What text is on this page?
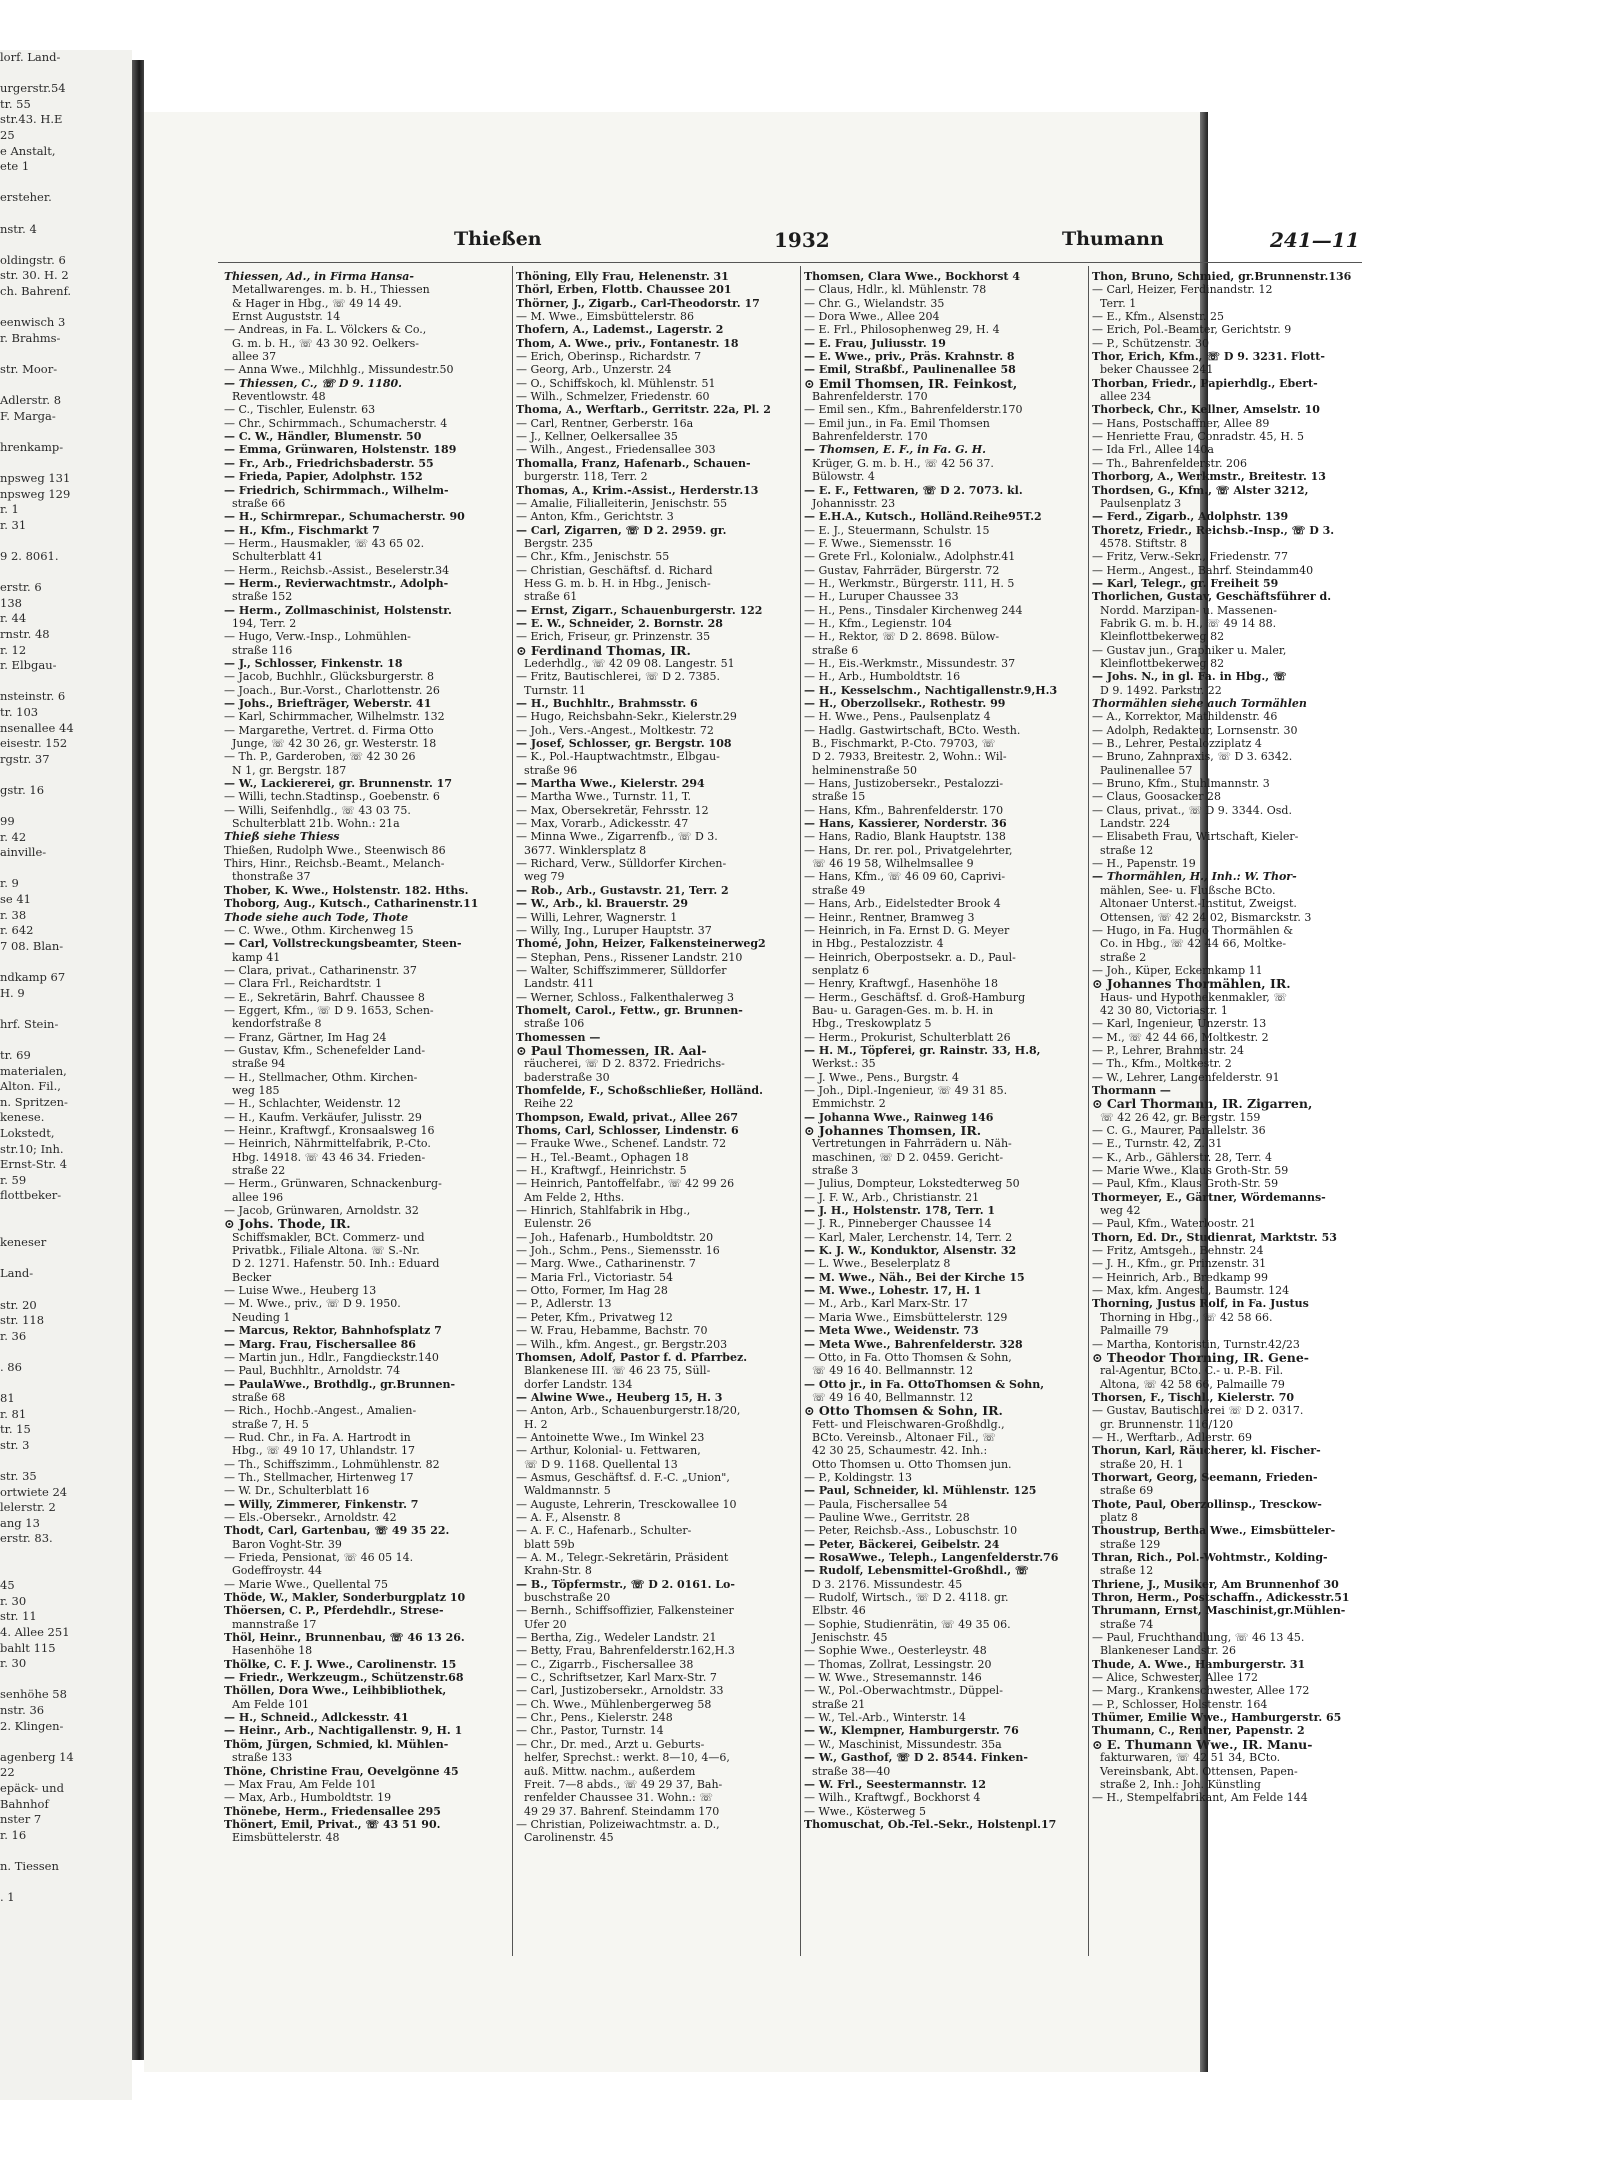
lorf. Land-

urgerstr.54
tr. 55
str.43. H.E
25
e Anstalt,
ete 1

ersteher.

nstr. 4

oldingstr. 6
str. 30. H. 2
ch. Bahrenf.

eenwisch 3
r. Brahms-

str. Moor-

Adlerstr. 8
F. Marga-

hrenkamp-

npsweg 131
npsweg 129
r. 1
r. 31

9 2. 8061.

erstr. 6
138
r. 44
rnstr. 48
r. 12
r. Elbgau-

nsteinstr. 6
tr. 103
nsenallee 44
eisestr. 152
rgstr. 37

gstr. 16

99
r. 42
ainville-

r. 9
se 41
r. 38
r. 642
7 08. Blan-

ndkamp 67
H. 9

hrf. Stein-

tr. 69
materialen,
Alton. Fil.,
n. Spritzen-
kenese.
Lokstedt,
str.10; Inh.
Ernst-Str. 4
r. 59
flottbeker-

keneser

Land-

str. 20
str. 118
r. 36

. 86

81
r. 81
tr. 15
str. 3

str. 35
ortwiete 24
lelerstr. 2
ang 13
erstr. 83.

45
r. 30
str. 11
4. Allee 251
bahlt 115
r. 30

senhöhe 58
nstr. 36
2. Klingen-

agenberg 14
22
epäck- und
Bahnhof
nster 7
r. 16

n. Tiessen

. 1
Thießen	1932	Thumann	241—11
Thiessen, Ad., in Firma Hansa-
Metallwarenges. m. b. H., Thiessen
& Hager in Hbg., ☏ 49 14 49.
Ernst Auguststr. 14
— Andreas, in Fa. L. Völckers & Co.,
G. m. b. H., ☏ 43 30 92. Oelkers-
allee 37
— Anna Wwe., Milchhlg., Missundestr.50
— Thiessen, C., ☏ D 9. 1180.
Reventlowstr. 48
— C., Tischler, Eulenstr. 63
— Chr., Schirmmach., Schumacherstr. 4
— C. W., Händler, Blumenstr. 50
— Emma, Grünwaren, Holstenstr. 189
— Fr., Arb., Friedrichsbaderstr. 55
— Frieda, Papier, Adolphstr. 152
— Friedrich, Schirmmach., Wilhelm-
straße 66
— H., Schirmrepar., Schumacherstr. 90
— H., Kfm., Fischmarkt 7
— Herm., Hausmakler, ☏ 43 65 02.
Schulterblatt 41
— Herm., Reichsb.-Assist., Beselerstr.34
— Herm., Revierwachtmstr., Adolph-
straße 152
— Herm., Zollmaschinist, Holstenstr.
194, Terr. 2
— Hugo, Verw.-Insp., Lohmühlen-
straße 116
— J., Schlosser, Finkenstr. 18
— Jacob, Buchhlr., Glücksburgerstr. 8
— Joach., Bur.-Vorst., Charlottenstr. 26
— Johs., Briefträger, Weberstr. 41
— Karl, Schirmmacher, Wilhelmstr. 132
— Margarethe, Vertret. d. Firma Otto
Junge, ☏ 42 30 26, gr. Westerstr. 18
— Th. P., Garderoben, ☏ 42 30 26
N 1, gr. Bergstr. 187
— W., Lackiererei, gr. Brunnenstr. 17
— Willi, techn.Stadtinsp., Goebenstr. 6
— Willi, Seifenhdlg., ☏ 43 03 75.
Schulterblatt 21b. Wohn.: 21a
Thieß siehe Thiess
Thießen, Rudolph Wwe., Steenwisch 86
Thirs, Hinr., Reichsb.-Beamt., Melanch-
thonstraße 37
Thober, K. Wwe., Holstenstr. 182. Hths.
Thoborg, Aug., Kutsch., Catharinenstr.11
Thode siehe auch Tode, Thote
— C. Wwe., Othm. Kirchenweg 15
— Carl, Vollstreckungsbeamter, Steen-
kamp 41
— Clara, privat., Catharinenstr. 37
— Clara Frl., Reichardtstr. 1
— E., Sekretärin, Bahrf. Chaussee 8
— Eggert, Kfm., ☏ D 9. 1653, Schen-
kendorfstraße 8
— Franz, Gärtner, Im Hag 24
— Gustav, Kfm., Schenefelder Land-
straße 94
— H., Stellmacher, Othm. Kirchen-
weg 185
— H., Schlachter, Weidenstr. 12
— H., Kaufm. Verkäufer, Julisstr. 29
— Heinr., Kraftwgf., Kronsaalsweg 16
— Heinrich, Nährmittelfabrik, P.-Cto.
Hbg. 14918. ☏ 43 46 34. Frieden-
straße 22
— Herm., Grünwaren, Schnackenburg-
allee 196
— Jacob, Grünwaren, Arnoldstr. 32
⊙ Johs. Thode, IR.
Schiffsmakler, BCt. Commerz- und
Privatbk., Filiale Altona. ☏ S.-Nr.
D 2. 1271. Hafenstr. 50. Inh.: Eduard
Becker
— Luise Wwe., Heuberg 13
— M. Wwe., priv., ☏ D 9. 1950.
Neuding 1
— Marcus, Rektor, Bahnhofsplatz 7
— Marg. Frau, Fischersallee 86
— Martin jun., Hdlr., Fangdieckstr.140
— Paul, Buchhltr., Arnoldstr. 74
— PaulaWwe., Brothdlg., gr.Brunnen-
straße 68
— Rich., Hochb.-Angest., Amalien-
straße 7, H. 5
— Rud. Chr., in Fa. A. Hartrodt in
Hbg., ☏ 49 10 17, Uhlandstr. 17
— Th., Schiffszimm., Lohmühlenstr. 82
— Th., Stellmacher, Hirtenweg 17
— W. Dr., Schulterblatt 16
— Willy, Zimmerer, Finkenstr. 7
— Els.-Obersekr., Arnoldstr. 42
Thodt, Carl, Gartenbau, ☏ 49 35 22.
Baron Voght-Str. 39
— Frieda, Pensionat, ☏ 46 05 14.
Godeffroystr. 44
— Marie Wwe., Quellental 75
Thöde, W., Makler, Sonderburgplatz 10
Thöersen, C. P., Pferdehdlr., Strese-
mannstraße 17
Thöl, Heinr., Brunnenbau, ☏ 46 13 26.
Hasenhöhe 18
Thölke, C. F. J. Wwe., Carolinenstr. 15
— Friedr., Werkzeugm., Schützenstr.68
Thöllen, Dora Wwe., Leihbibliothek,
Am Felde 101
— H., Schneid., Adlckesstr. 41
— Heinr., Arb., Nachtigallenstr. 9, H. 1
Thöm, Jürgen, Schmied, kl. Mühlen-
straße 133
Thöne, Christine Frau, Oevelgönne 45
— Max Frau, Am Felde 101
— Max, Arb., Humboldtstr. 19
Thönebe, Herm., Friedensallee 295
Thönert, Emil, Privat., ☏ 43 51 90.
Eimsbüttelerstr. 48
Thöning, Elly Frau, Helenenstr. 31
Thörl, Erben, Flottb. Chaussee 201
Thörner, J., Zigarb., Carl-Theodorstr. 17
— M. Wwe., Eimsbüttelerstr. 86
Thofern, A., Lademst., Lagerstr. 2
Thom, A. Wwe., priv., Fontanestr. 18
— Erich, Oberinsp., Richardstr. 7
— Georg, Arb., Unzerstr. 24
— O., Schiffskoch, kl. Mühlenstr. 51
— Wilh., Schmelzer, Friedenstr. 60
Thoma, A., Werftarb., Gerritstr. 22a, Pl. 2
— Carl, Rentner, Gerberstr. 16a
— J., Kellner, Oelkersallee 35
— Wilh., Angest., Friedensallee 303
Thomalla, Franz, Hafenarb., Schauen-
burgerstr. 118, Terr. 2
Thomas, A., Krim.-Assist., Herderstr.13
— Amalie, Filialleiterin, Jenischstr. 55
— Anton, Kfm., Gerichtstr. 3
— Carl, Zigarren, ☏ D 2. 2959. gr.
Bergstr. 235
— Chr., Kfm., Jenischstr. 55
— Christian, Geschäftsf. d. Richard
Hess G. m. b. H. in Hbg., Jenisch-
straße 61
— Ernst, Zigarr., Schauenburgerstr. 122
— E. W., Schneider, 2. Bornstr. 28
— Erich, Friseur, gr. Prinzenstr. 35
⊙ Ferdinand Thomas, IR.
Lederhdlg., ☏ 42 09 08. Langestr. 51
— Fritz, Bautischlerei, ☏ D 2. 7385.
Turnstr. 11
— H., Buchhltr., Brahmsstr. 6
— Hugo, Reichsbahn-Sekr., Kielerstr.29
— Joh., Vers.-Angest., Moltkestr. 72
— Josef, Schlosser, gr. Bergstr. 108
— K., Pol.-Hauptwachtmstr., Elbgau-
straße 96
— Martha Wwe., Kielerstr. 294
— Martha Wwe., Turnstr. 11, T.
— Max, Obersekretär, Fehrsstr. 12
— Max, Vorarb., Adickesstr. 47
— Minna Wwe., Zigarrenfb., ☏ D 3.
3677. Winklersplatz 8
— Richard, Verw., Sülldorfer Kirchen-
weg 79
— Rob., Arb., Gustavstr. 21, Terr. 2
— W., Arb., kl. Brauerstr. 29
— Willi, Lehrer, Wagnerstr. 1
— Willy, Ing., Luruper Hauptstr. 37
Thomé, John, Heizer, Falkensteinerweg2
— Stephan, Pens., Rissener Landstr. 210
— Walter, Schiffszimmerer, Sülldorfer
Landstr. 411
— Werner, Schloss., Falkenthalerweg 3
Thomelt, Carol., Fettw., gr. Brunnen-
straße 106
Thomessen —
⊙ Paul Thomessen, IR. Aal-
räucherei, ☏ D 2. 8372. Friedrichs-
baderstraße 30
Thomfelde, F., Schoßschließer, Holländ.
Reihe 22
Thompson, Ewald, privat., Allee 267
Thoms, Carl, Schlosser, Lindenstr. 6
— Frauke Wwe., Schenef. Landstr. 72
— H., Tel.-Beamt., Ophagen 18
— H., Kraftwgf., Heinrichstr. 5
— Heinrich, Pantoffelfabr., ☏ 42 99 26
Am Felde 2, Hths.
— Hinrich, Stahlfabrik in Hbg.,
Eulenstr. 26
— Joh., Hafenarb., Humboldtstr. 20
— Joh., Schm., Pens., Siemensstr. 16
— Marg. Wwe., Catharinenstr. 7
— Maria Frl., Victoriastr. 54
— Otto, Former, Im Hag 28
— P., Adlerstr. 13
— Peter, Kfm., Privatweg 12
— W. Frau, Hebamme, Bachstr. 70
— Wilh., kfm. Angest., gr. Bergstr.203
Thomsen, Adolf, Pastor f. d. Pfarrbez.
Blankenese III. ☏ 46 23 75, Süll-
dorfer Landstr. 134
— Alwine Wwe., Heuberg 15, H. 3
— Anton, Arb., Schauenburgerstr.18/20,
H. 2
— Antoinette Wwe., Im Winkel 23
— Arthur, Kolonial- u. Fettwaren,
☏ D 9. 1168. Quellental 13
— Asmus, Geschäftsf. d. F.-C. „Union",
Waldmannstr. 5
— Auguste, Lehrerin, Tresckowallee 10
— A. F., Alsenstr. 8
— A. F. C., Hafenarb., Schulter-
blatt 59b
— A. M., Telegr.-Sekretärin, Präsident
Krahn-Str. 8
— B., Töpfermstr., ☏ D 2. 0161. Lo-
buschstraße 20
— Bernh., Schiffsoffizier, Falkensteiner
Ufer 20
— Bertha, Zig., Wedeler Landstr. 21
— Betty, Frau, Bahrenfelderstr.162,H.3
— C., Zigarrb., Fischersallee 38
— C., Schriftsetzer, Karl Marx-Str. 7
— Carl, Justizobersekr., Arnoldstr. 33
— Ch. Wwe., Mühlenbergerweg 58
— Chr., Pens., Kielerstr. 248
— Chr., Pastor, Turnstr. 14
— Chr., Dr. med., Arzt u. Geburts-
helfer, Sprechst.: werkt. 8—10, 4—6,
auß. Mittw. nachm., außerdem
Freit. 7—8 abds., ☏ 49 29 37, Bah-
renfelder Chaussee 31. Wohn.: ☏
49 29 37. Bahrenf. Steindamm 170
— Christian, Polizeiwachtmstr. a. D.,
Carolinenstr. 45
Thomsen, Clara Wwe., Bockhorst 4
— Claus, Hdlr., kl. Mühlenstr. 78
— Chr. G., Wielandstr. 35
— Dora Wwe., Allee 204
— E. Frl., Philosophenweg 29, H. 4
— E. Frau, Juliusstr. 19
— E. Wwe., priv., Präs. Krahnstr. 8
— Emil, Straßbf., Paulinenallee 58
⊙ Emil Thomsen, IR. Feinkost,
Bahrenfelderstr. 170
— Emil sen., Kfm., Bahrenfelderstr.170
— Emil jun., in Fa. Emil Thomsen
Bahrenfelderstr. 170
— Thomsen, E. F., in Fa. G. H.
Krüger, G. m. b. H., ☏ 42 56 37.
Bülowstr. 4
— E. F., Fettwaren, ☏ D 2. 7073. kl.
Johannisstr. 23
— E.H.A., Kutsch., Holländ.Reihe95T.2
— E. J., Steuermann, Schulstr. 15
— F. Wwe., Siemensstr. 16
— Grete Frl., Kolonialw., Adolphstr.41
— Gustav, Fahrräder, Bürgerstr. 72
— H., Werkmstr., Bürgerstr. 111, H. 5
— H., Luruper Chaussee 33
— H., Pens., Tinsdaler Kirchenweg 244
— H., Kfm., Legienstr. 104
— H., Rektor, ☏ D 2. 8698. Bülow-
straße 6
— H., Eis.-Werkmstr., Missundestr. 37
— H., Arb., Humboldtstr. 16
— H., Kesselschm., Nachtigallenstr.9,H.3
— H., Oberzollsekr., Rothestr. 99
— H. Wwe., Pens., Paulsenplatz 4
— Hadlg. Gastwirtschaft, BCto. Westh.
B., Fischmarkt, P.-Cto. 79703, ☏
D 2. 7933, Breitestr. 2, Wohn.: Wil-
helminenstraße 50
— Hans, Justizobersekr., Pestalozzi-
straße 15
— Hans, Kfm., Bahrenfelderstr. 170
— Hans, Kassierer, Norderstr. 36
— Hans, Radio, Blank Hauptstr. 138
— Hans, Dr. rer. pol., Privatgelehrter,
☏ 46 19 58, Wilhelmsallee 9
— Hans, Kfm., ☏ 46 09 60, Caprivi-
straße 49
— Hans, Arb., Eidelstedter Brook 4
— Heinr., Rentner, Bramweg 3
— Heinrich, in Fa. Ernst D. G. Meyer
in Hbg., Pestalozzistr. 4
— Heinrich, Oberpostsekr. a. D., Paul-
senplatz 6
— Henry, Kraftwgf., Hasenhöhe 18
— Herm., Geschäftsf. d. Groß-Hamburg
Bau- u. Garagen-Ges. m. b. H. in
Hbg., Treskowplatz 5
— Herm., Prokurist, Schulterblatt 26
— H. M., Töpferei, gr. Rainstr. 33, H.8,
Werkst.: 35
— J. Wwe., Pens., Burgstr. 4
— Joh., Dipl.-Ingenieur, ☏ 49 31 85.
Emmichstr. 2
— Johanna Wwe., Rainweg 146
⊙ Johannes Thomsen, IR.
Vertretungen in Fahrrädern u. Näh-
maschinen, ☏ D 2. 0459. Gericht-
straße 3
— Julius, Dompteur, Lokstedterweg 50
— J. F. W., Arb., Christianstr. 21
— J. H., Holstenstr. 178, Terr. 1
— J. R., Pinneberger Chaussee 14
— Karl, Maler, Lerchenstr. 14, Terr. 2
— K. J. W., Konduktor, Alsenstr. 32
— L. Wwe., Beselerplatz 8
— M. Wwe., Näh., Bei der Kirche 15
— M. Wwe., Lohestr. 17, H. 1
— M., Arb., Karl Marx-Str. 17
— Maria Wwe., Eimsbüttelerstr. 129
— Meta Wwe., Weidenstr. 73
— Meta Wwe., Bahrenfelderstr. 328
— Otto, in Fa. Otto Thomsen & Sohn,
☏ 49 16 40. Bellmannstr. 12
— Otto jr., in Fa. OttoThomsen & Sohn,
☏ 49 16 40, Bellmannstr. 12
⊙ Otto Thomsen & Sohn, IR.
Fett- und Fleischwaren-Großhdlg.,
BCto. Vereinsb., Altonaer Fil., ☏
42 30 25, Schaumestr. 42. Inh.:
Otto Thomsen u. Otto Thomsen jun.
— P., Koldingstr. 13
— Paul, Schneider, kl. Mühlenstr. 125
— Paula, Fischersallee 54
— Pauline Wwe., Gerritstr. 28
— Peter, Reichsb.-Ass., Lobuschstr. 10
— Peter, Bäckerei, Geibelstr. 24
— RosaWwe., Teleph., Langenfelderstr.76
— Rudolf, Lebensmittel-Großhdl., ☏
D 3. 2176. Missundestr. 45
— Rudolf, Wirtsch., ☏ D 2. 4118. gr.
Elbstr. 46
— Sophie, Studienrätin, ☏ 49 35 06.
Jenischstr. 45
— Sophie Wwe., Oesterleystr. 48
— Thomas, Zollrat, Lessingstr. 20
— W. Wwe., Stresemannstr. 146
— W., Pol.-Oberwachtmstr., Düppel-
straße 21
— W., Tel.-Arb., Winterstr. 14
— W., Klempner, Hamburgerstr. 76
— W., Maschinist, Missundestr. 35a
— W., Gasthof, ☏ D 2. 8544. Finken-
straße 38—40
— W. Frl., Seestermannstr. 12
— Wilh., Kraftwgf., Bockhorst 4
— Wwe., Kösterweg 5
Thomuschat, Ob.-Tel.-Sekr., Holstenpl.17
Thon, Bruno, Schmied, gr.Brunnenstr.136
— Carl, Heizer, Ferdinandstr. 12
Terr. 1
— E., Kfm., Alsenstr. 25
— Erich, Pol.-Beamter, Gerichtstr. 9
— P., Schützenstr. 30
Thor, Erich, Kfm., ☏ D 9. 3231. Flott-
beker Chaussee 241
Thorban, Friedr., Papierhdlg., Ebert-
allee 234
Thorbeck, Chr., Kellner, Amselstr. 10
— Hans, Postschaffner, Allee 89
— Henriette Frau, Conradstr. 45, H. 5
— Ida Frl., Allee 140a
— Th., Bahrenfelderstr. 206
Thorborg, A., Werkmstr., Breitestr. 13
Thordsen, G., Kfm., ☏ Alster 3212,
Paulsenplatz 3
— Ferd., Zigarb., Adolphstr. 139
Thoretz, Friedr., Reichsb.-Insp., ☏ D 3.
4578. Stiftstr. 8
— Fritz, Verw.-Sekr., Friedenstr. 77
— Herm., Angest., Bahrf. Steindamm40
— Karl, Telegr., gr. Freiheit 59
Thorlichen, Gustav, Geschäftsführer d.
Nordd. Marzipan- u. Massenen-
Fabrik G. m. b. H., ☏ 49 14 88.
Kleinflottbekerweg 82
— Gustav jun., Graphiker u. Maler,
Kleinflottbekerweg 82
— Johs. N., in gl. Fa. in Hbg., ☏
D 9. 1492. Parkstr. 22
Thormählen siehe auch Tormählen
— A., Korrektor, Mathildenstr. 46
— Adolph, Redakteur, Lornsenstr. 30
— B., Lehrer, Pestalozziplatz 4
— Bruno, Zahnpraxis, ☏ D 3. 6342.
Paulinenallee 57
— Bruno, Kfm., Stuhlmannstr. 3
— Claus, Goosacker 28
— Claus, privat., ☏ D 9. 3344. Osd.
Landstr. 224
— Elisabeth Frau, Wirtschaft, Kieler-
straße 12
— H., Papenstr. 19
— Thormählen, H., Inh.: W. Thor-
mählen, See- u. Flußsche BCto.
Altonaer Unterst.-Institut, Zweigst.
Ottensen, ☏ 42 24 02, Bismarckstr. 3
— Hugo, in Fa. Hugo Thormählen &
Co. in Hbg., ☏ 42 44 66, Moltke-
straße 2
— Joh., Küper, Eckernkamp 11
⊙ Johannes Thormählen, IR.
Haus- und Hypothekenmakler, ☏
42 30 80, Victoriastr. 1
— Karl, Ingenieur, Unzerstr. 13
— M., ☏ 42 44 66, Moltkestr. 2
— P., Lehrer, Brahmsstr. 24
— Th., Kfm., Moltkestr. 2
— W., Lehrer, Langenfelderstr. 91
Thormann —
⊙ Carl Thormann, IR. Zigarren,
☏ 42 26 42, gr. Bergstr. 159
— C. G., Maurer, Parallelstr. 36
— E., Turnstr. 42, Z. 31
— K., Arb., Gählerstr. 28, Terr. 4
— Marie Wwe., Klaus Groth-Str. 59
— Paul, Kfm., Klaus Groth-Str. 59
Thormeyer, E., Gärtner, Wördemanns-
weg 42
— Paul, Kfm., Waterloostr. 21
Thorn, Ed. Dr., Studienrat, Marktstr. 53
— Fritz, Amtsgeh., Behnstr. 24
— J. H., Kfm., gr. Prinzenstr. 31
— Heinrich, Arb., Bredkamp 99
— Max, kfm. Angest., Baumstr. 124
Thorning, Justus Rolf, in Fa. Justus
Thorning in Hbg., ☏ 42 58 66.
Palmaille 79
— Martha, Kontoristin, Turnstr.42/23
⊙ Theodor Thorning, IR. Gene-
ral-Agentur, BCto. C.- u. P.-B. Fil.
Altona, ☏ 42 58 66, Palmaille 79
Thorsen, F., Tischl., Kielerstr. 70
— Gustav, Bautischlerei ☏ D 2. 0317.
gr. Brunnenstr. 116/120
— H., Werftarb., Adlerstr. 69
Thorun, Karl, Räucherer, kl. Fischer-
straße 20, H. 1
Thorwart, Georg, Seemann, Frieden-
straße 69
Thote, Paul, Oberzollinsp., Tresckow-
platz 8
Thoustrup, Bertha Wwe., Eimsbütteler-
straße 129
Thran, Rich., Pol.-Wohtmstr., Kolding-
straße 12
Thriene, J., Musiker, Am Brunnenhof 30
Thron, Herm., Postschaffn., Adickesstr.51
Thrumann, Ernst, Maschinist,gr.Mühlen-
straße 74
— Paul, Fruchthandlung, ☏ 46 13 45.
Blankeneser Landstr. 26
Thude, A. Wwe., Hamburgerstr. 31
— Alice, Schwester, Allee 172
— Marg., Krankenschwester, Allee 172
— P., Schlosser, Holstenstr. 164
Thümer, Emilie Wwe., Hamburgerstr. 65
Thumann, C., Rentner, Papenstr. 2
⊙ E. Thumann Wwe., IR. Manu-
fakturwaren, ☏ 42 51 34, BCto.
Vereinsbank, Abt. Ottensen, Papen-
straße 2, Inh.: Joh. Künstling
— H., Stempelfabrikant, Am Felde 144
